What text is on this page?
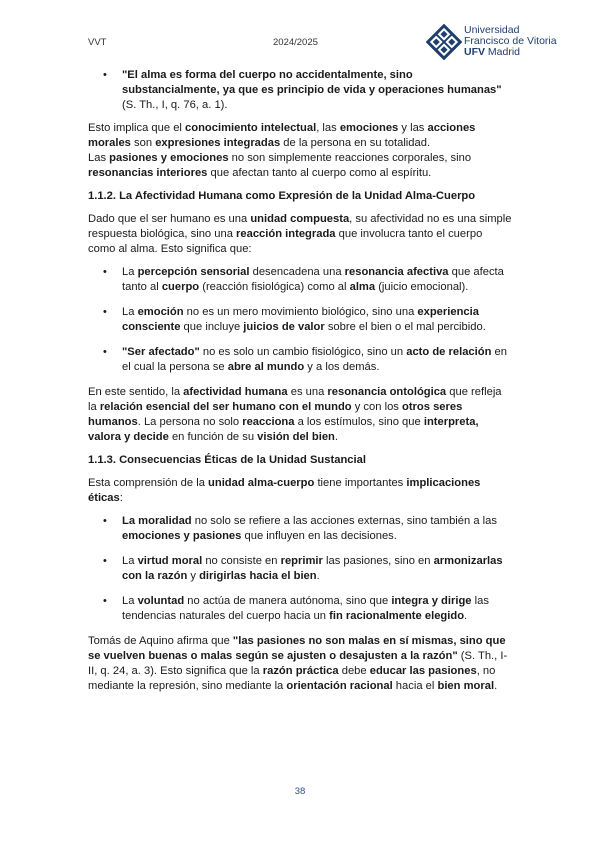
VVT	2024/2025
Universidad
Francisco de Vitoria
UFV Madrid
• "El alma es forma del cuerpo no accidentalmente, sino substancialmente, ya que es principio de vida y operaciones humanas" (S. Th., I, q. 76, a. 1).

Esto implica que el conocimiento intelectual, las emociones y las acciones morales son expresiones integradas de la persona en su totalidad.
Las pasiones y emociones no son simplemente reacciones corporales, sino resonancias interiores que afectan tanto al cuerpo como al espíritu.

1.1.2. La Afectividad Humana como Expresión de la Unidad Alma-Cuerpo

Dado que el ser humano es una unidad compuesta, su afectividad no es una simple respuesta biológica, sino una reacción integrada que involucra tanto el cuerpo como al alma. Esto significa que:

• La percepción sensorial desencadena una resonancia afectiva que afecta tanto al cuerpo (reacción fisiológica) como al alma (juicio emocional).
• La emoción no es un mero movimiento biológico, sino una experiencia consciente que incluye juicios de valor sobre el bien o el mal percibido.
• "Ser afectado" no es solo un cambio fisiológico, sino un acto de relación en el cual la persona se abre al mundo y a los demás.

En este sentido, la afectividad humana es una resonancia ontológica que refleja la relación esencial del ser humano con el mundo y con los otros seres humanos. La persona no solo reacciona a los estímulos, sino que interpreta, valora y decide en función de su visión del bien.

1.1.3. Consecuencias Éticas de la Unidad Sustancial

Esta comprensión de la unidad alma-cuerpo tiene importantes implicaciones éticas:

• La moralidad no solo se refiere a las acciones externas, sino también a las emociones y pasiones que influyen en las decisiones.
• La virtud moral no consiste en reprimir las pasiones, sino en armonizarlas con la razón y dirigirlas hacia el bien.
• La voluntad no actúa de manera autónoma, sino que integra y dirige las tendencias naturales del cuerpo hacia un fin racionalmente elegido.

Tomás de Aquino afirma que "las pasiones no son malas en sí mismas, sino que se vuelven buenas o malas según se ajusten o desajusten a la razón" (S. Th., I-II, q. 24, a. 3). Esto significa que la razón práctica debe educar las pasiones, no mediante la represión, sino mediante la orientación racional hacia el bien moral.

38
